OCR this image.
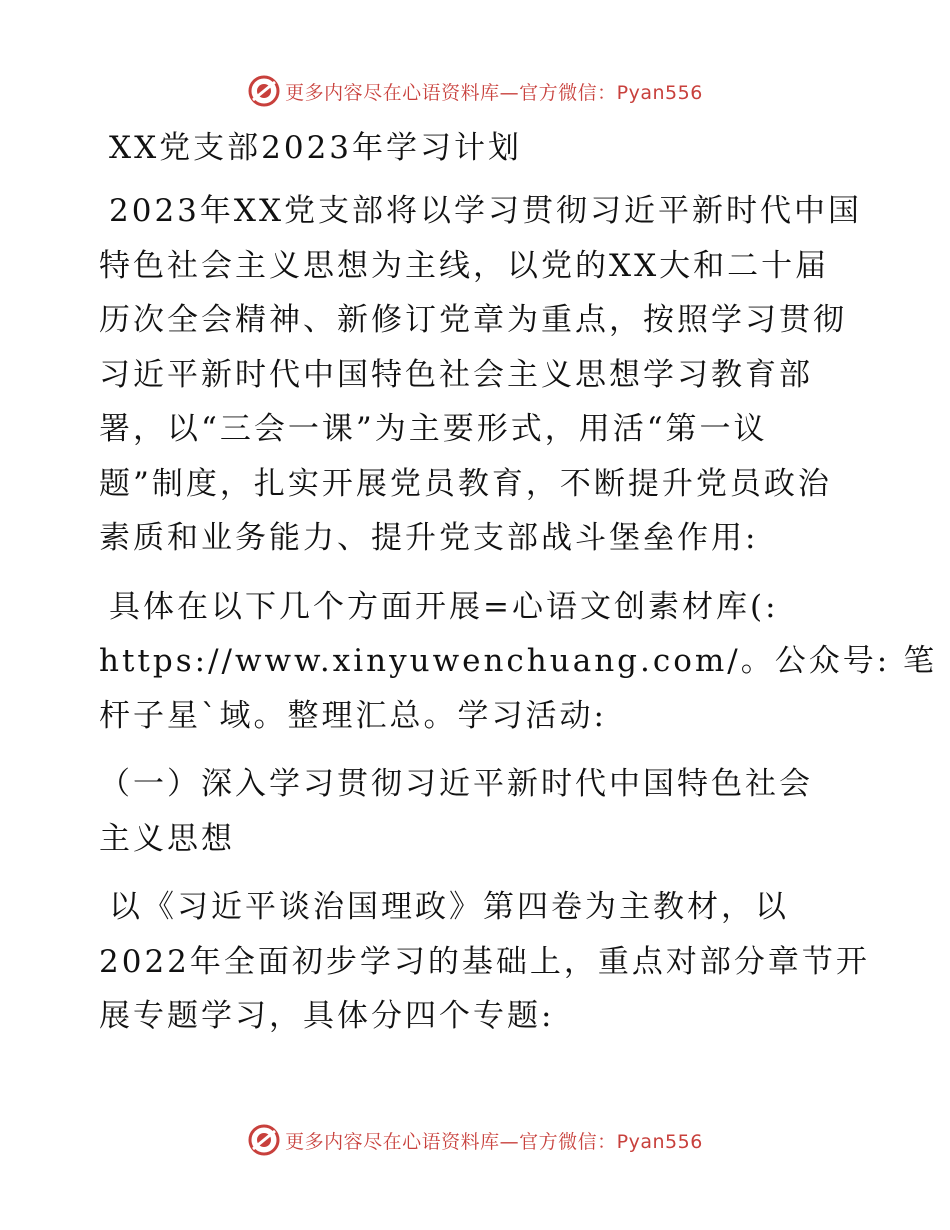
更多内容尽在心语资料库—官方微信：Pyan556
XX党支部2023年学习计划
2023年XX党支部将以学习贯彻习近平新时代中国
特色社会主义思想为主线，以党的XX大和二十届
历次全会精神、新修订党章为重点，按照学习贯彻
习近平新时代中国特色社会主义思想学习教育部
署，以“三会一课”为主要形式，用活“第一议
题”制度，扎实开展党员教育，不断提升党员政治
素质和业务能力、提升党支部战斗堡垒作用:
具体在以下几个方面开展=心语文创素材库(:
https://www.xinyuwenchuang.com/。公众号: 笔
杆子星`域。整理汇总。学习活动:
（一）深入学习贯彻习近平新时代中国特色社会
主义思想
以《习近平谈治国理政》第四卷为主教材，以
2022年全面初步学习的基础上，重点对部分章节开
展专题学习，具体分四个专题:
更多内容尽在心语资料库—官方微信：Pyan556
